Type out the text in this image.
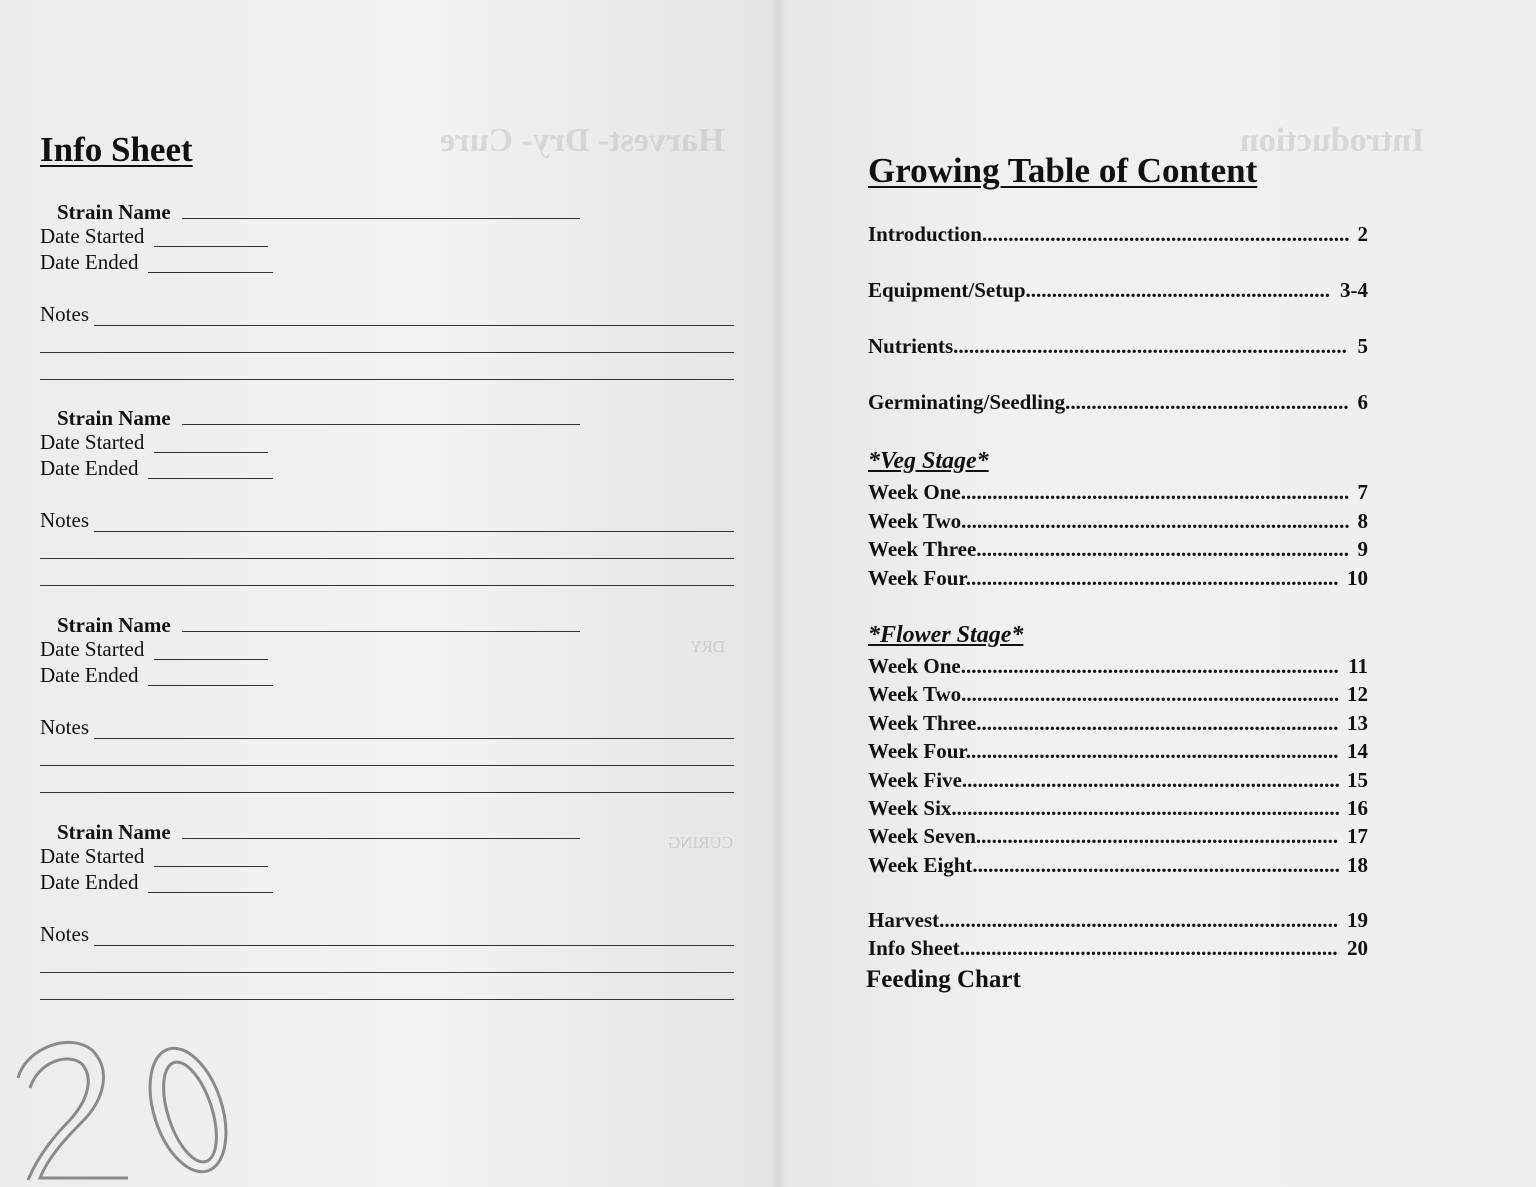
Harvest- Dry- Cure
DRY
CURING
Introduction
Info Sheet
Strain Name
Date Started
Date Ended
Notes
Strain Name
Date Started
Date Ended
Notes
Strain Name
Date Started
Date Ended
Notes
Strain Name
Date Started
Date Ended
Notes
Growing Table of Content
Introduction...................................................................... 2
Equipment/Setup.......................................................... 3-4
Nutrients........................................................................... 5
Germinating/Seedling...................................................... 6
*Veg Stage*
Week One.......................................................................... 7
Week Two.......................................................................... 8
Week Three....................................................................... 9
Week Four....................................................................... 10
*Flower Stage*
Week One........................................................................ 11
Week Two........................................................................ 12
Week Three..................................................................... 13
Week Four....................................................................... 14
Week Five........................................................................ 15
Week Six.......................................................................... 16
Week Seven..................................................................... 17
Week Eight...................................................................... 18
Harvest............................................................................ 19
Info Sheet........................................................................ 20
Feeding Chart
